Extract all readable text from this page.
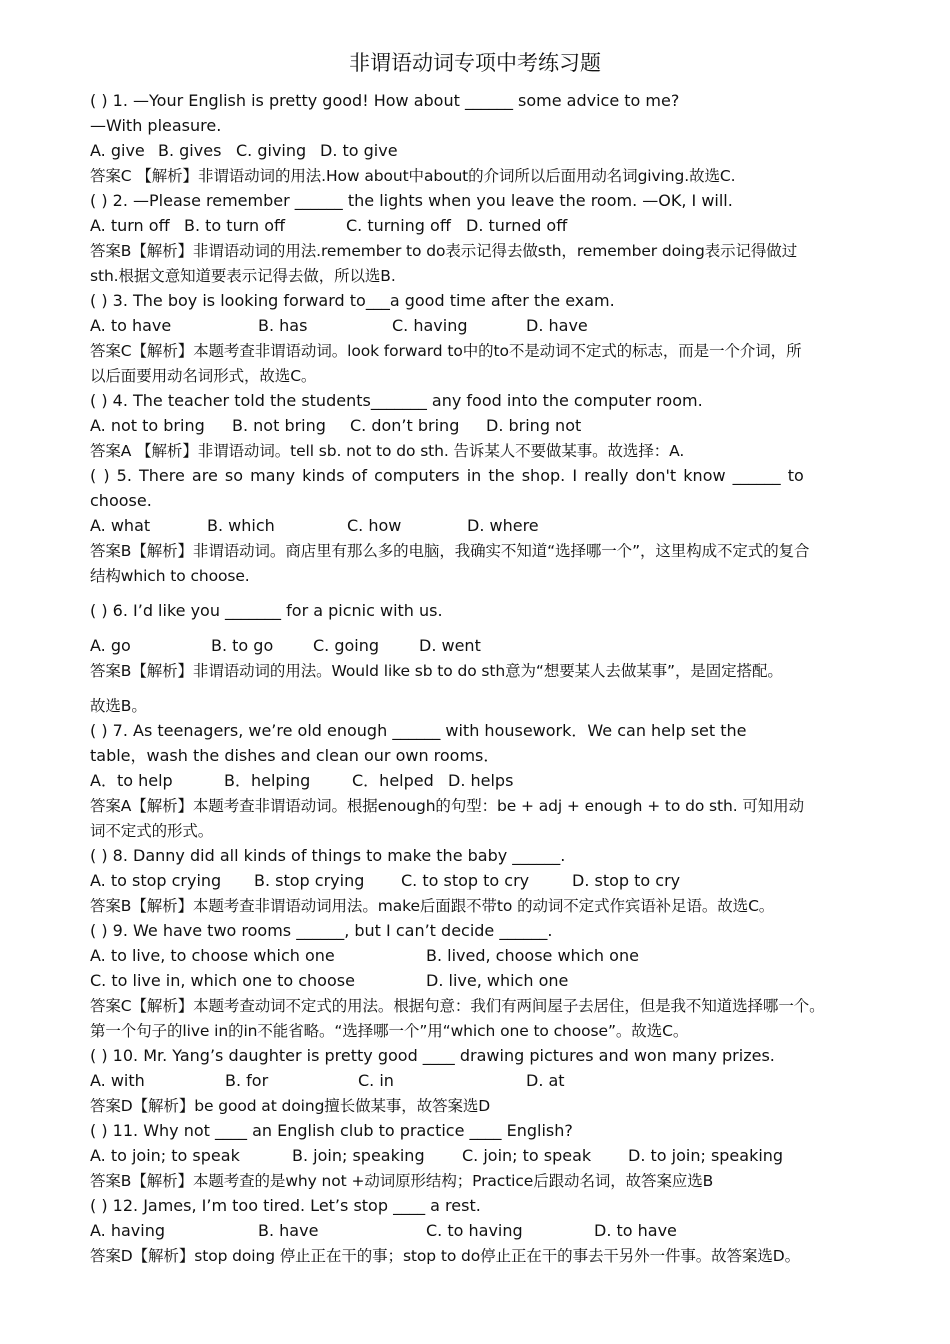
非谓语动词专项中考练习题
( ) 1. —Your English is pretty good! How about ______ some advice to me?
—With pleasure.
A. give B. gives C. giving D. to give
答案C 【解析】非谓语动词的用法.How about中about的介词所以后面用动名词giving.故选C.
( ) 2. —Please remember ______ the lights when you leave the room. —OK, I will.
A. turn off B. to turn off	C. turning off D. turned off
答案B【解析】非谓语动词的用法.remember to do表示记得去做sth，remember doing表示记得做过
sth.根据文意知道要表示记得去做，所以选B.
( ) 3. The boy is looking forward to___a good time after the exam.
A. to have	B. has	C. having	D. have
答案C【解析】本题考查非谓语动词。look forward to中的to不是动词不定式的标志，而是一个介词，所
以后面要用动名词形式，故选C。
( ) 4. The teacher told the students_______ any food into the computer room.
A. not to bring B. not bring C. don’t bring D. bring not
答案A 【解析】非谓语动词。tell sb. not to do sth. 告诉某人不要做某事。故选择：A.
( ) 5. There are so many kinds of computers in the shop. I really don't know ______ to
choose.
A. what	B. which	C. how	D. where
答案B【解析】非谓语动词。商店里有那么多的电脑，我确实不知道“选择哪一个”，这里构成不定式的复合
结构which to choose.
( ) 6. I’d like you _______ for a picnic with us.
A. go	B. to go C. going D. went
答案B【解析】非谓语动词的用法。Would like sb to do sth意为“想要某人去做某事”，是固定搭配。
故选B。
( ) 7. As teenagers, we’re old enough ______ with housework．We can help set the
table，wash the dishes and clean our own rooms．
A．to help	B．helping	C．helped D. helps
答案A【解析】本题考查非谓语动词。根据enough的句型：be + adj + enough + to do sth. 可知用动
词不定式的形式。
( ) 8. Danny did all kinds of things to make the baby ______.
A. to stop crying B. stop crying C. to stop to cry	D. stop to cry
答案B【解析】本题考查非谓语动词用法。make后面跟不带to 的动词不定式作宾语补足语。故选C。
( ) 9. We have two rooms ______, but I can’t decide ______.
A. to live, to choose which one	B. lived, choose which one
C. to live in, which one to choose	D. live, which one
答案C【解析】本题考查动词不定式的用法。根据句意：我们有两间屋子去居住，但是我不知道选择哪一个。
第一个句子的live in的in不能省略。“选择哪一个”用“which one to choose”。故选C。
( ) 10. Mr. Yang’s daughter is pretty good ____ drawing pictures and won many prizes.
A. with	B. for	C. in	D. at
答案D【解析】be good at doing擅长做某事，故答案选D
( ) 11. Why not ____ an English club to practice ____ English?
A. to join; to speak	B. join; speaking C. join; to speak D. to join; speaking
答案B【解析】本题考查的是why not +动词原形结构；Practice后跟动名词，故答案应选B
( ) 12. James, I’m too tired. Let’s stop ____ a rest.
A. having	B. have	C. to having	D. to have
答案D【解析】stop doing 停止正在干的事；stop to do停止正在干的事去干另外一件事。故答案选D。
